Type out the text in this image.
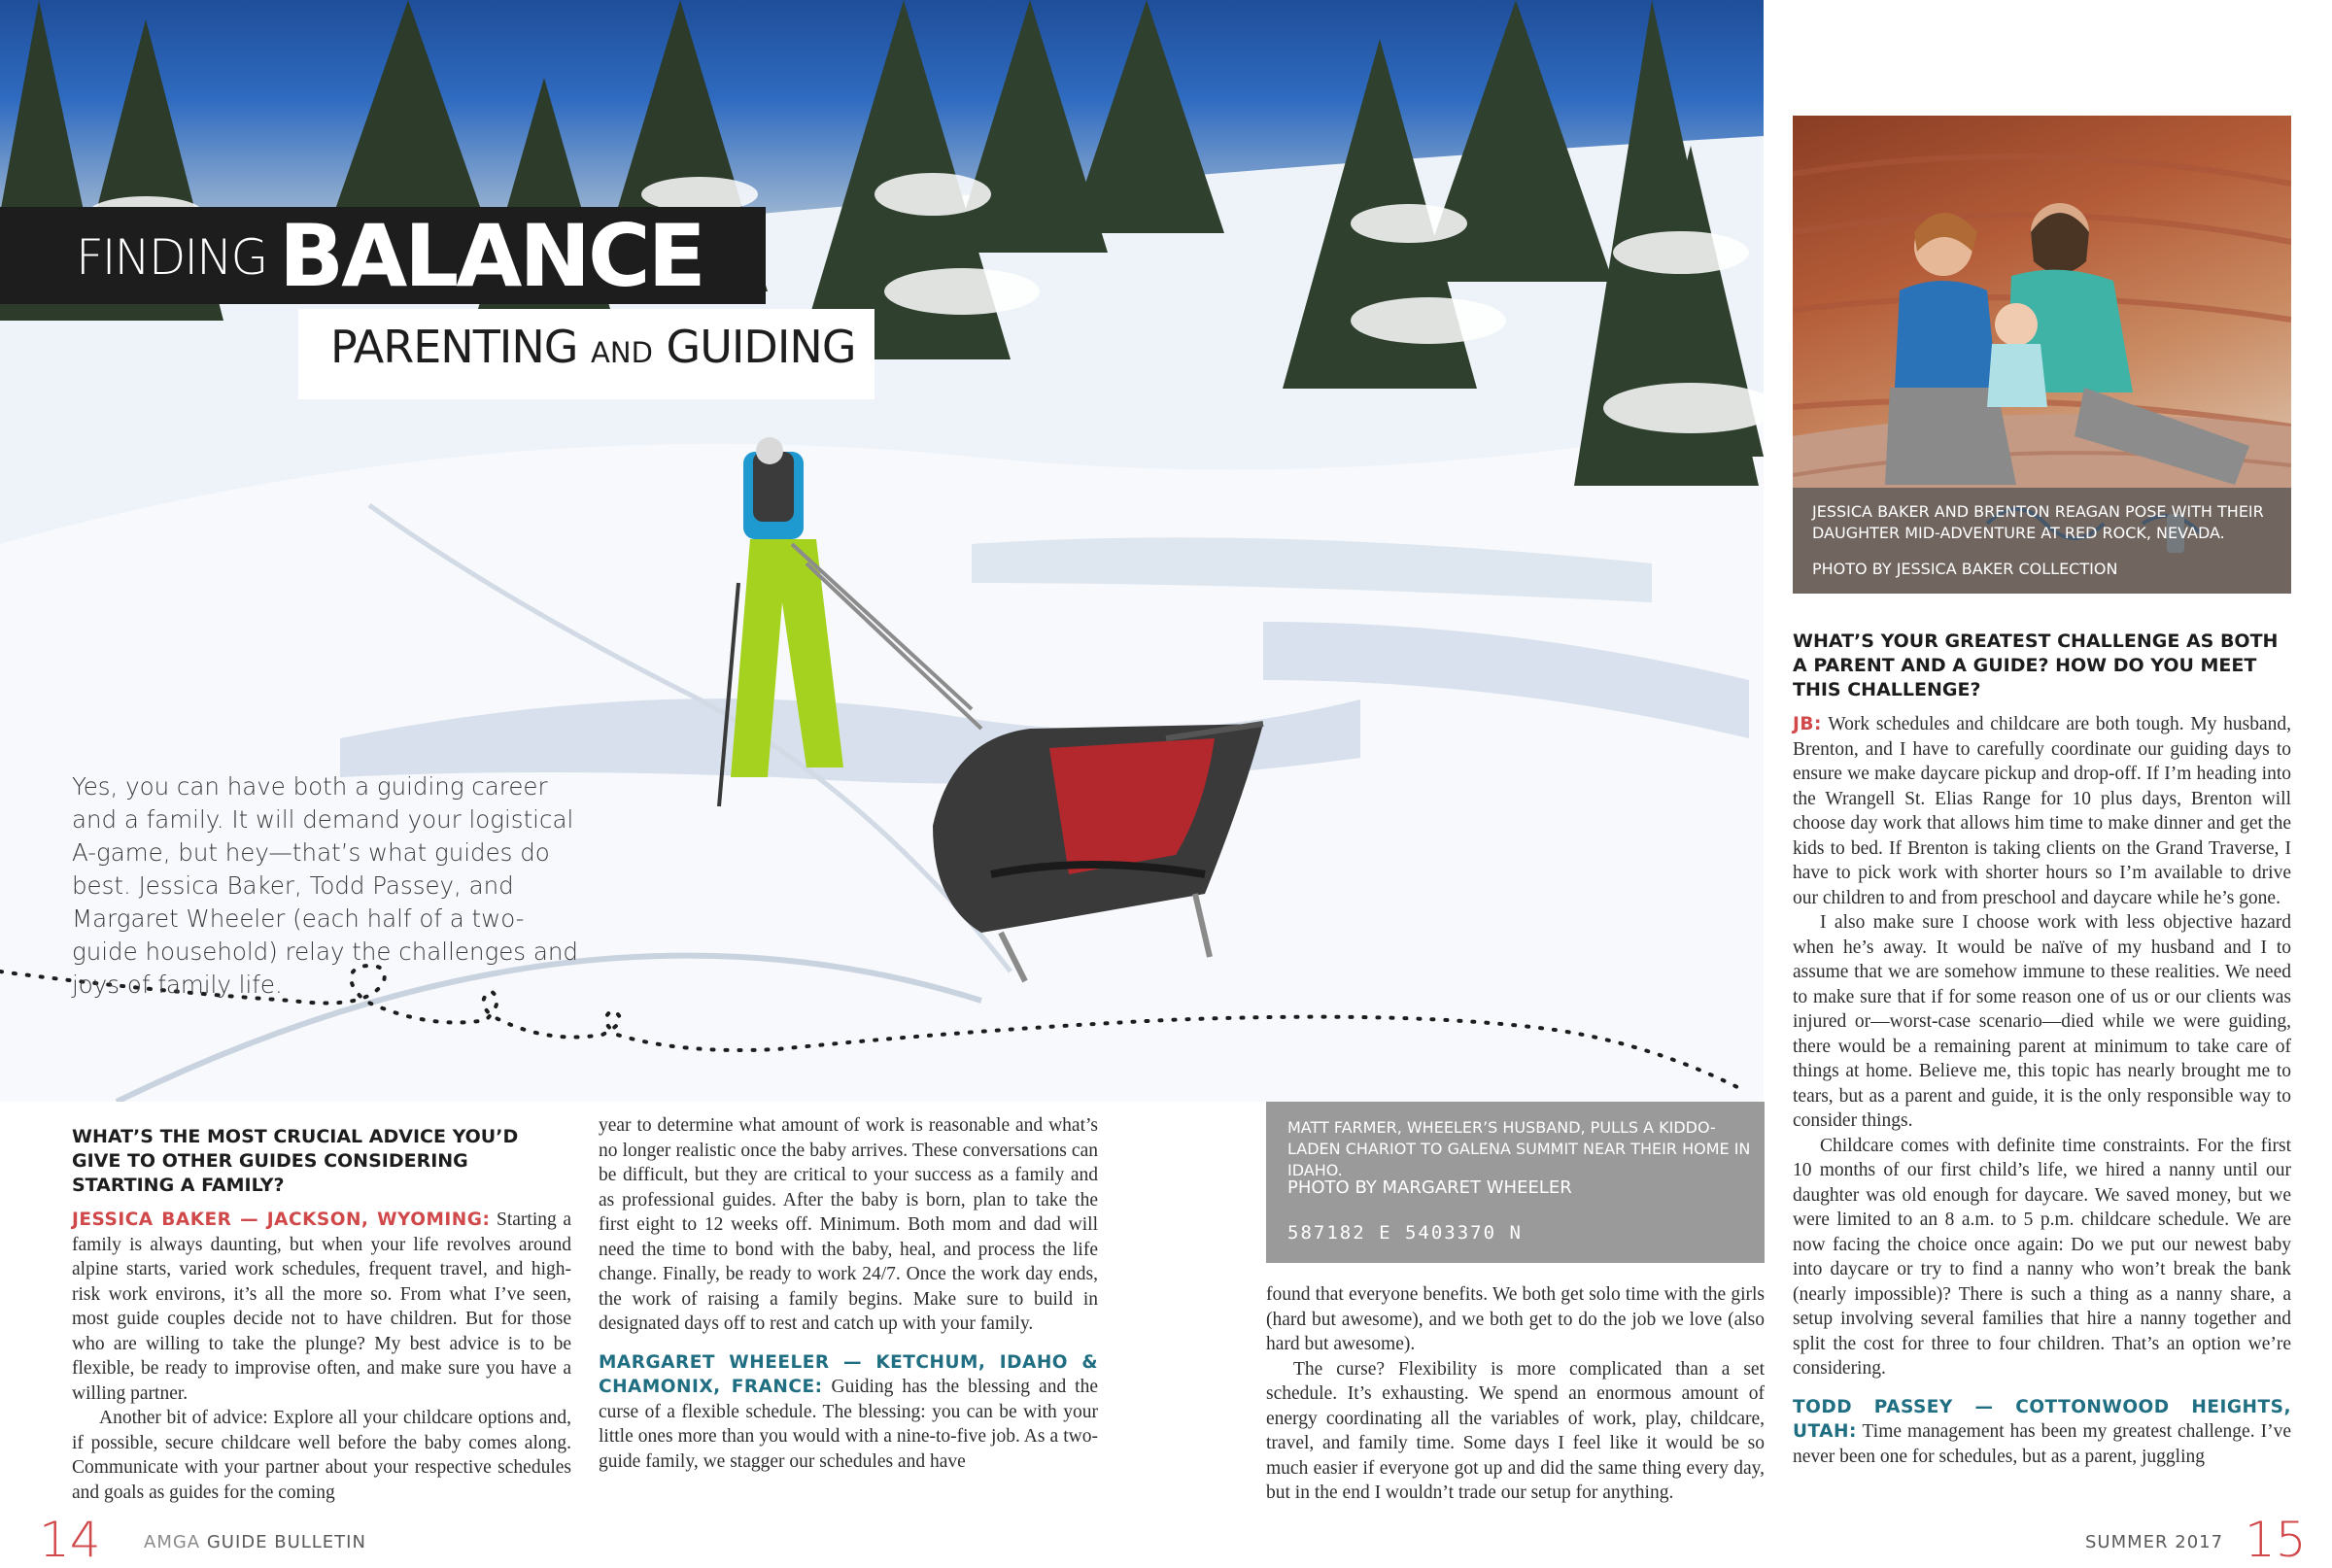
FINDING BALANCE
PARENTING AND GUIDING
Yes, you can have both a guiding career and a family. It will demand your logistical A-game, but hey—that’s what guides do best. Jessica Baker, Todd Passey, and Margaret Wheeler (each half of a two-guide household) relay the challenges and joys of family life.
MATT FARMER, WHEELER’S HUSBAND, PULLS A KIDDO-LADEN CHARIOT TO GALENA SUMMIT NEAR THEIR HOME IN IDAHO.
PHOTO BY MARGARET WHEELER
587182 E 5403370 N
WHAT’S THE MOST CRUCIAL ADVICE YOU’D GIVE TO OTHER GUIDES CONSIDERING STARTING A FAMILY?

JESSICA BAKER — JACKSON, WYOMING: Starting a family is always daunting, but when your life revolves around alpine starts, varied work schedules, frequent travel, and high-risk work environs, it’s all the more so. From what I’ve seen, most guide couples decide not to have children. But for those who are willing to take the plunge? My best advice is to be flexible, be ready to improvise often, and make sure you have a willing partner.

Another bit of advice: Explore all your childcare options and, if possible, secure childcare well before the baby comes along. Communicate with your partner about your respective schedules and goals as guides for the coming

year to determine what amount of work is reasonable and what’s no longer realistic once the baby arrives. These conversations can be difficult, but they are critical to your success as a family and as professional guides. After the baby is born, plan to take the first eight to 12 weeks off. Minimum. Both mom and dad will need the time to bond with the baby, heal, and process the life change. Finally, be ready to work 24/7. Once the work day ends, the work of raising a family begins. Make sure to build in designated days off to rest and catch up with your family.

MARGARET WHEELER — KETCHUM, IDAHO & CHAMONIX, FRANCE: Guiding has the blessing and the curse of a flexible schedule. The blessing: you can be with your little ones more than you would with a nine-to-five job. As a two-guide family, we stagger our schedules and have

found that everyone benefits. We both get solo time with the girls (hard but awesome), and we both get to do the job we love (also hard but awesome).

The curse? Flexibility is more complicated than a set schedule. It’s exhausting. We spend an enormous amount of energy coordinating all the variables of work, play, childcare, travel, and family time. Some days I feel like it would be so much easier if everyone got up and did the same thing every day, but in the end I wouldn’t trade our setup for anything.

JESSICA BAKER AND BRENTON REAGAN POSE WITH THEIR DAUGHTER MID-ADVENTURE AT RED ROCK, NEVADA.
PHOTO BY JESSICA BAKER COLLECTION
WHAT’S YOUR GREATEST CHALLENGE AS BOTH A PARENT AND A GUIDE? HOW DO YOU MEET THIS CHALLENGE?

JB: Work schedules and childcare are both tough. My husband, Brenton, and I have to carefully coordinate our guiding days to ensure we make daycare pickup and drop-off. If I’m heading into the Wrangell St. Elias Range for 10 plus days, Brenton will choose day work that allows him time to make dinner and get the kids to bed. If Brenton is taking clients on the Grand Traverse, I have to pick work with shorter hours so I’m available to drive our children to and from preschool and daycare while he’s gone.

I also make sure I choose work with less objective hazard when he’s away. It would be naïve of my husband and I to assume that we are somehow immune to these realities. We need to make sure that if for some reason one of us or our clients was injured or—worst-case scenario—died while we were guiding, there would be a remaining parent at minimum to take care of things at home. Believe me, this topic has nearly brought me to tears, but as a parent and guide, it is the only responsible way to consider things.

Childcare comes with definite time constraints. For the first 10 months of our first child’s life, we hired a nanny until our daughter was old enough for daycare. We saved money, but we were limited to an 8 a.m. to 5 p.m. childcare schedule. We are now facing the choice once again: Do we put our newest baby into daycare or try to find a nanny who won’t break the bank (nearly impossible)? There is such a thing as a nanny share, a setup involving several families that hire a nanny together and split the cost for three to four children. That’s an option we’re considering.

TODD PASSEY — COTTONWOOD HEIGHTS, UTAH: Time management has been my greatest challenge. I’ve never been one for schedules, but as a parent, juggling

14 AMGA GUIDE BULLETIN	SUMMER 2017 15
